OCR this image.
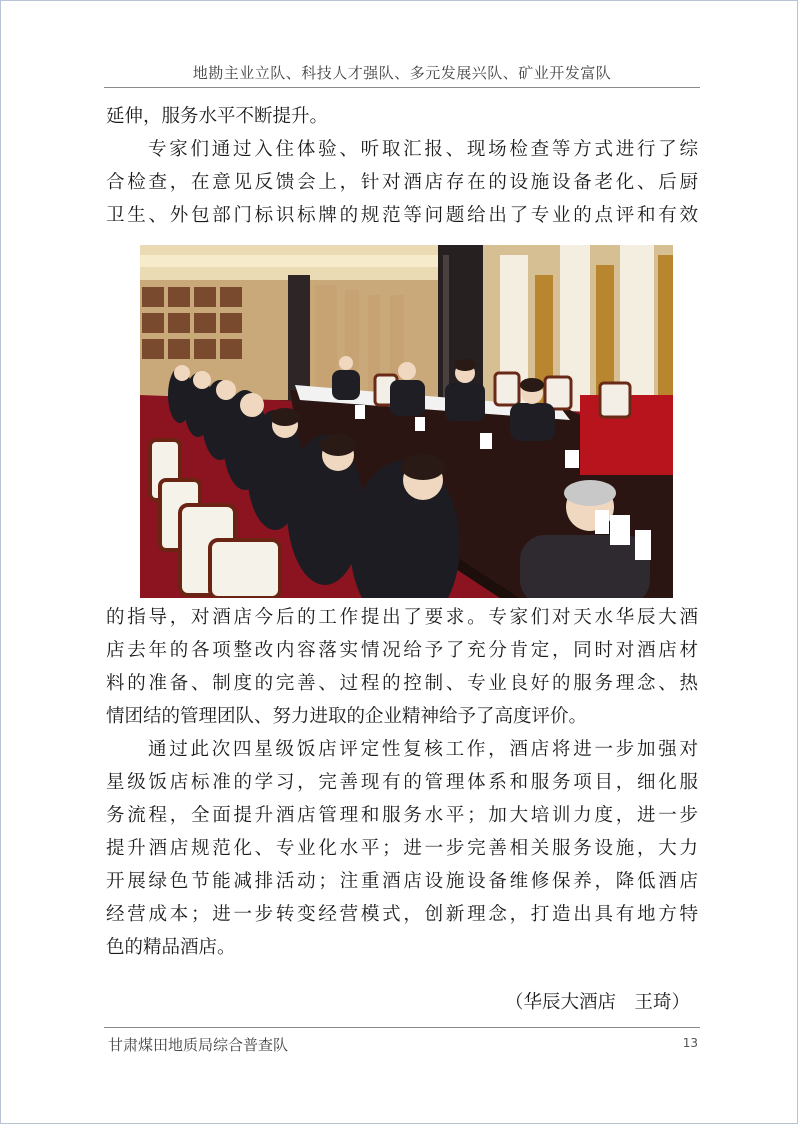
地勘主业立队、科技人才强队、多元发展兴队、矿业开发富队
延伸，服务水平不断提升。
专家们通过入住体验、听取汇报、现场检查等方式进行了综
合检查，在意见反馈会上，针对酒店存在的设施设备老化、后厨
卫生、外包部门标识标牌的规范等问题给出了专业的点评和有效
的指导，对酒店今后的工作提出了要求。专家们对天水华辰大酒
店去年的各项整改内容落实情况给予了充分肯定，同时对酒店材
料的准备、制度的完善、过程的控制、专业良好的服务理念、热
情团结的管理团队、努力进取的企业精神给予了高度评价。
通过此次四星级饭店评定性复核工作，酒店将进一步加强对
星级饭店标准的学习，完善现有的管理体系和服务项目，细化服
务流程，全面提升酒店管理和服务水平；加大培训力度，进一步
提升酒店规范化、专业化水平；进一步完善相关服务设施，大力
开展绿色节能减排活动；注重酒店设施设备维修保养，降低酒店
经营成本；进一步转变经营模式，创新理念，打造出具有地方特
色的精品酒店。
（华辰大酒店　王琦）
甘肃煤田地质局综合普查队	13
